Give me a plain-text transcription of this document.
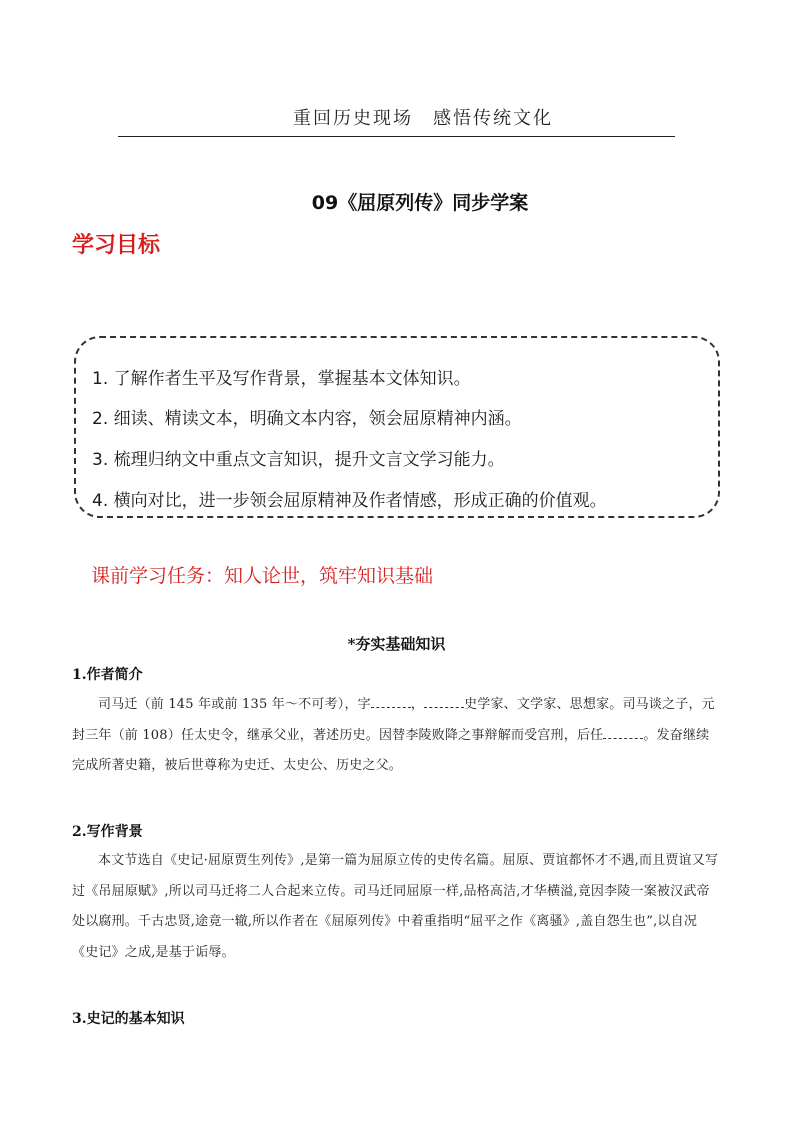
重回历史现场　感悟传统文化
09《屈原列传》同步学案
学习目标
1. 了解作者生平及写作背景，掌握基本文体知识。
2. 细读、精读文本，明确文本内容，领会屈原精神内涵。
3. 梳理归纳文中重点文言知识，提升文言文学习能力。
4. 横向对比，进一步领会屈原精神及作者情感，形成正确的价值观。
课前学习任务：知人论世，筑牢知识基础
*夯实基础知识
1.作者简介
司马迁（前 145 年或前 135 年～不可考），字	，	史学家、文学家、思想家。司马谈之子，元封三年（前 108）任太史令，继承父业，著述历史。因替李陵败降之事辩解而受宫刑，后任	。发奋继续完成所著史籍，被后世尊称为史迁、太史公、历史之父。
2.写作背景
本文节选自《史记·屈原贾生列传》,是第一篇为屈原立传的史传名篇。屈原、贾谊都怀才不遇,而且贾谊又写过《吊屈原赋》,所以司马迁将二人合起来立传。司马迁同屈原一样,品格高洁,才华横溢,竟因李陵一案被汉武帝处以腐刑。千古忠贤,途竟一辙,所以作者在《屈原列传》中着重指明“屈平之作《离骚》,盖自怨生也”,以自况《史记》之成,是基于诟辱。
3.史记的基本知识
